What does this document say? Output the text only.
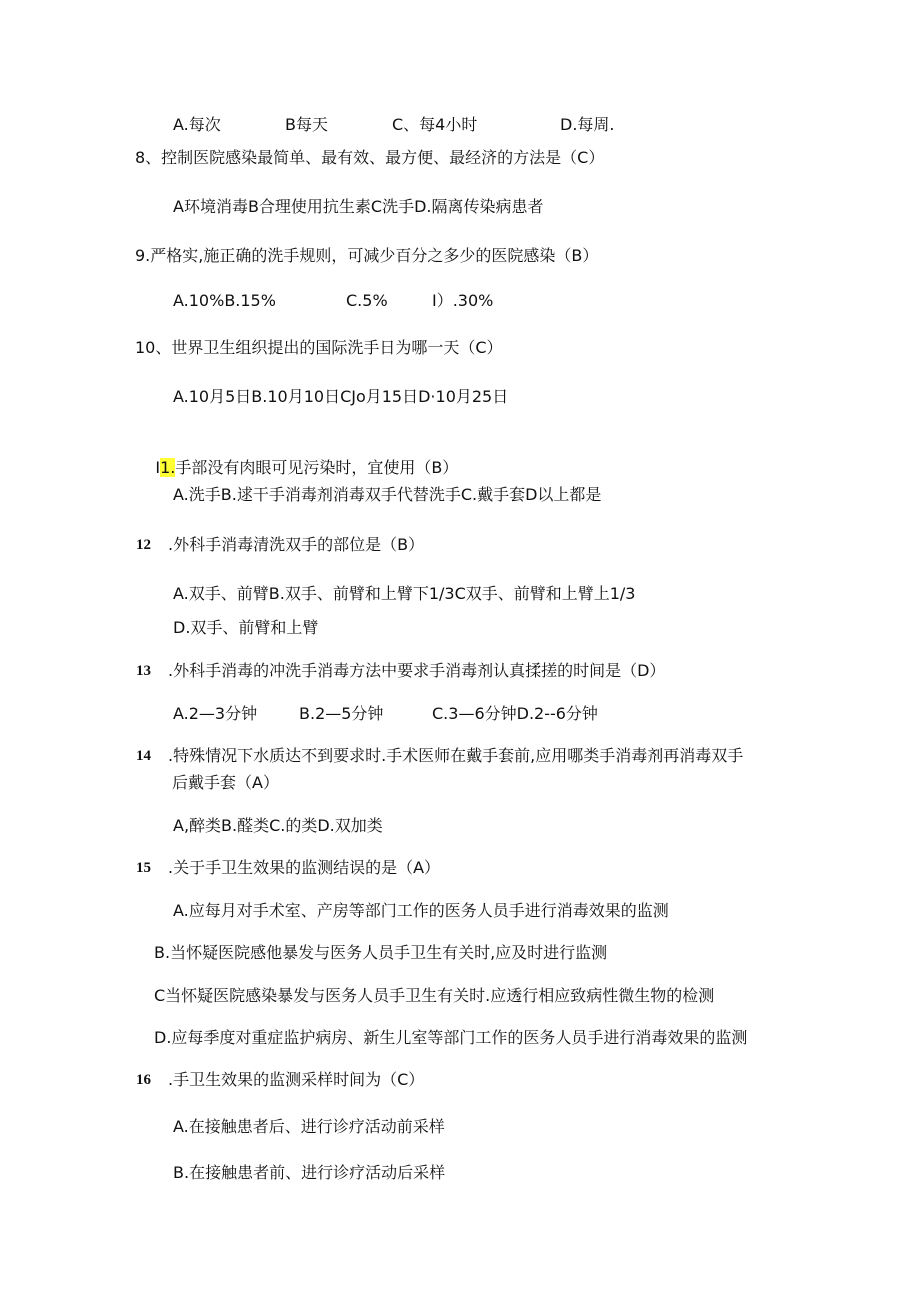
A.每次	B每天	C、每4小时	D.每周.
8、控制医院感染最简单、最有效、最方便、最经济的方法是（C）
A环境消毒B合理使用抗生素C洗手D.隔离传染病患者
9.严格实,施正确的洗手规则，可减少百分之多少的医院感染（B）
A.10%B.15%	C.5%	I）.30%
10、世界卫生组织提出的国际洗手日为哪一天（C）
A.10月5日B.10月10日CJo月15日D·10月25日

I1.手部没有肉眼可见污染时，宜使用（B）

A.洗手B.逑干手消毒剂消毒双手代替洗手C.戴手套D以上都是
12 .外科手消毒清洗双手的部位是（B）
A.双手、前臂B.双手、前臂和上臂下1/3C双手、前臂和上臂上1/3
D.双手、前臂和上臂
13 .外科手消毒的冲洗手消毒方法中要求手消毒剂认真揉搓的时间是（D）
A.2—3分钟	B.2—5分钟	C.3—6分钟D.2--6分钟
14 .特殊情况下水质达不到要求时.手术医师在戴手套前,应用哪类手消毒剂再消毒双手
后戴手套（A）
A,醉类B.醛类C.的类D.双加类
15 .关于手卫生效果的监测结误的是（A）
A.应每月对手术室、产房等部门工作的医务人员手进行消毒效果的监测
B.当怀疑医院感他暴发与医务人员手卫生有关时,应及时进行监测
C当怀疑医院感染暴发与医务人员手卫生有关时.应透行相应致病性微生物的检测
D.应每季度对重症监护病房、新生儿室等部门工作的医务人员手进行消毒效果的监测
16 .手卫生效果的监测采样时间为（C）
A.在接触患者后、进行诊疗活动前采样
B.在接触患者前、进行诊疗活动后采样
